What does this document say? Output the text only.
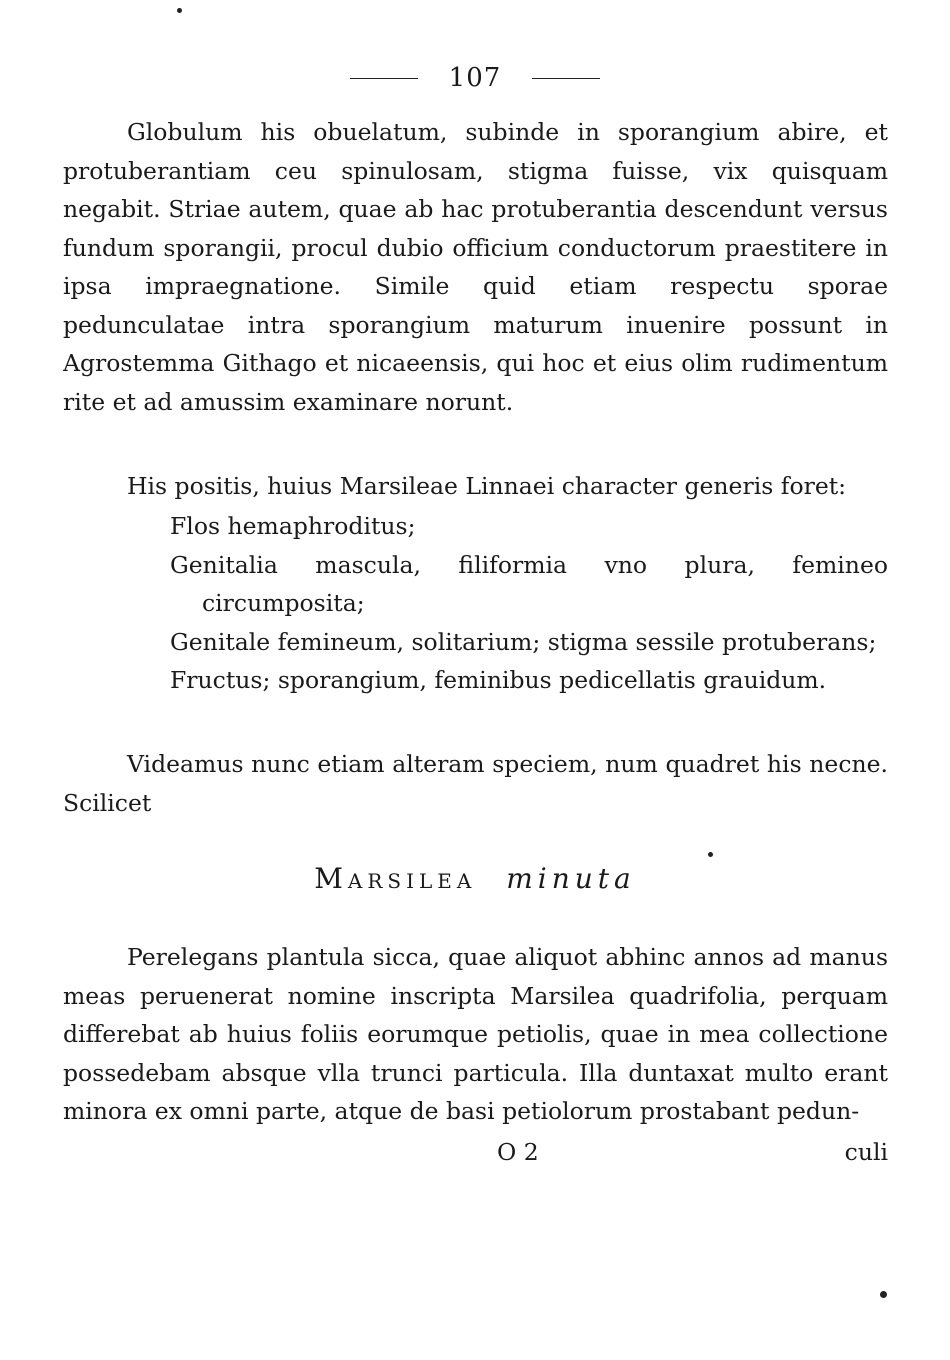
107

Globulum his obuelatum, subinde in sporangium abire, et protuberantiam ceu spinulosam, stigma fuisse, vix quisquam negabit. Striae autem, quae ab hac protuberantia descendunt versus fundum sporangii, procul dubio officium conductorum praestitere in ipsa impraegnatione. Simile quid etiam respectu sporae pedunculatae intra sporangium maturum inuenire possunt in Agrostemma Githago et nicaeensis, qui hoc et eius olim rudimentum rite et ad amussim examinare norunt.

His positis, huius Marsileae Linnaei character generis foret:

Flos hemaphroditus;

Genitalia mascula, filiformia vno plura, femineo circumposita;

Genitale femineum, solitarium; stigma sessile protuberans;

Fructus; sporangium, feminibus pedicellatis grauidum.

Videamus nunc etiam alteram speciem, num quadret his necne. Scilicet

Marsilea minuta

Perelegans plantula sicca, quae aliquot abhinc annos ad manus meas peruenerat nomine inscripta Marsilea quadrifolia, perquam differebat ab huius foliis eorumque petiolis, quae in mea collectione possedebam absque vlla trunci particula. Illa duntaxat multo erant minora ex omni parte, atque de basi petiolorum prostabant pedun-

O 2	culi
